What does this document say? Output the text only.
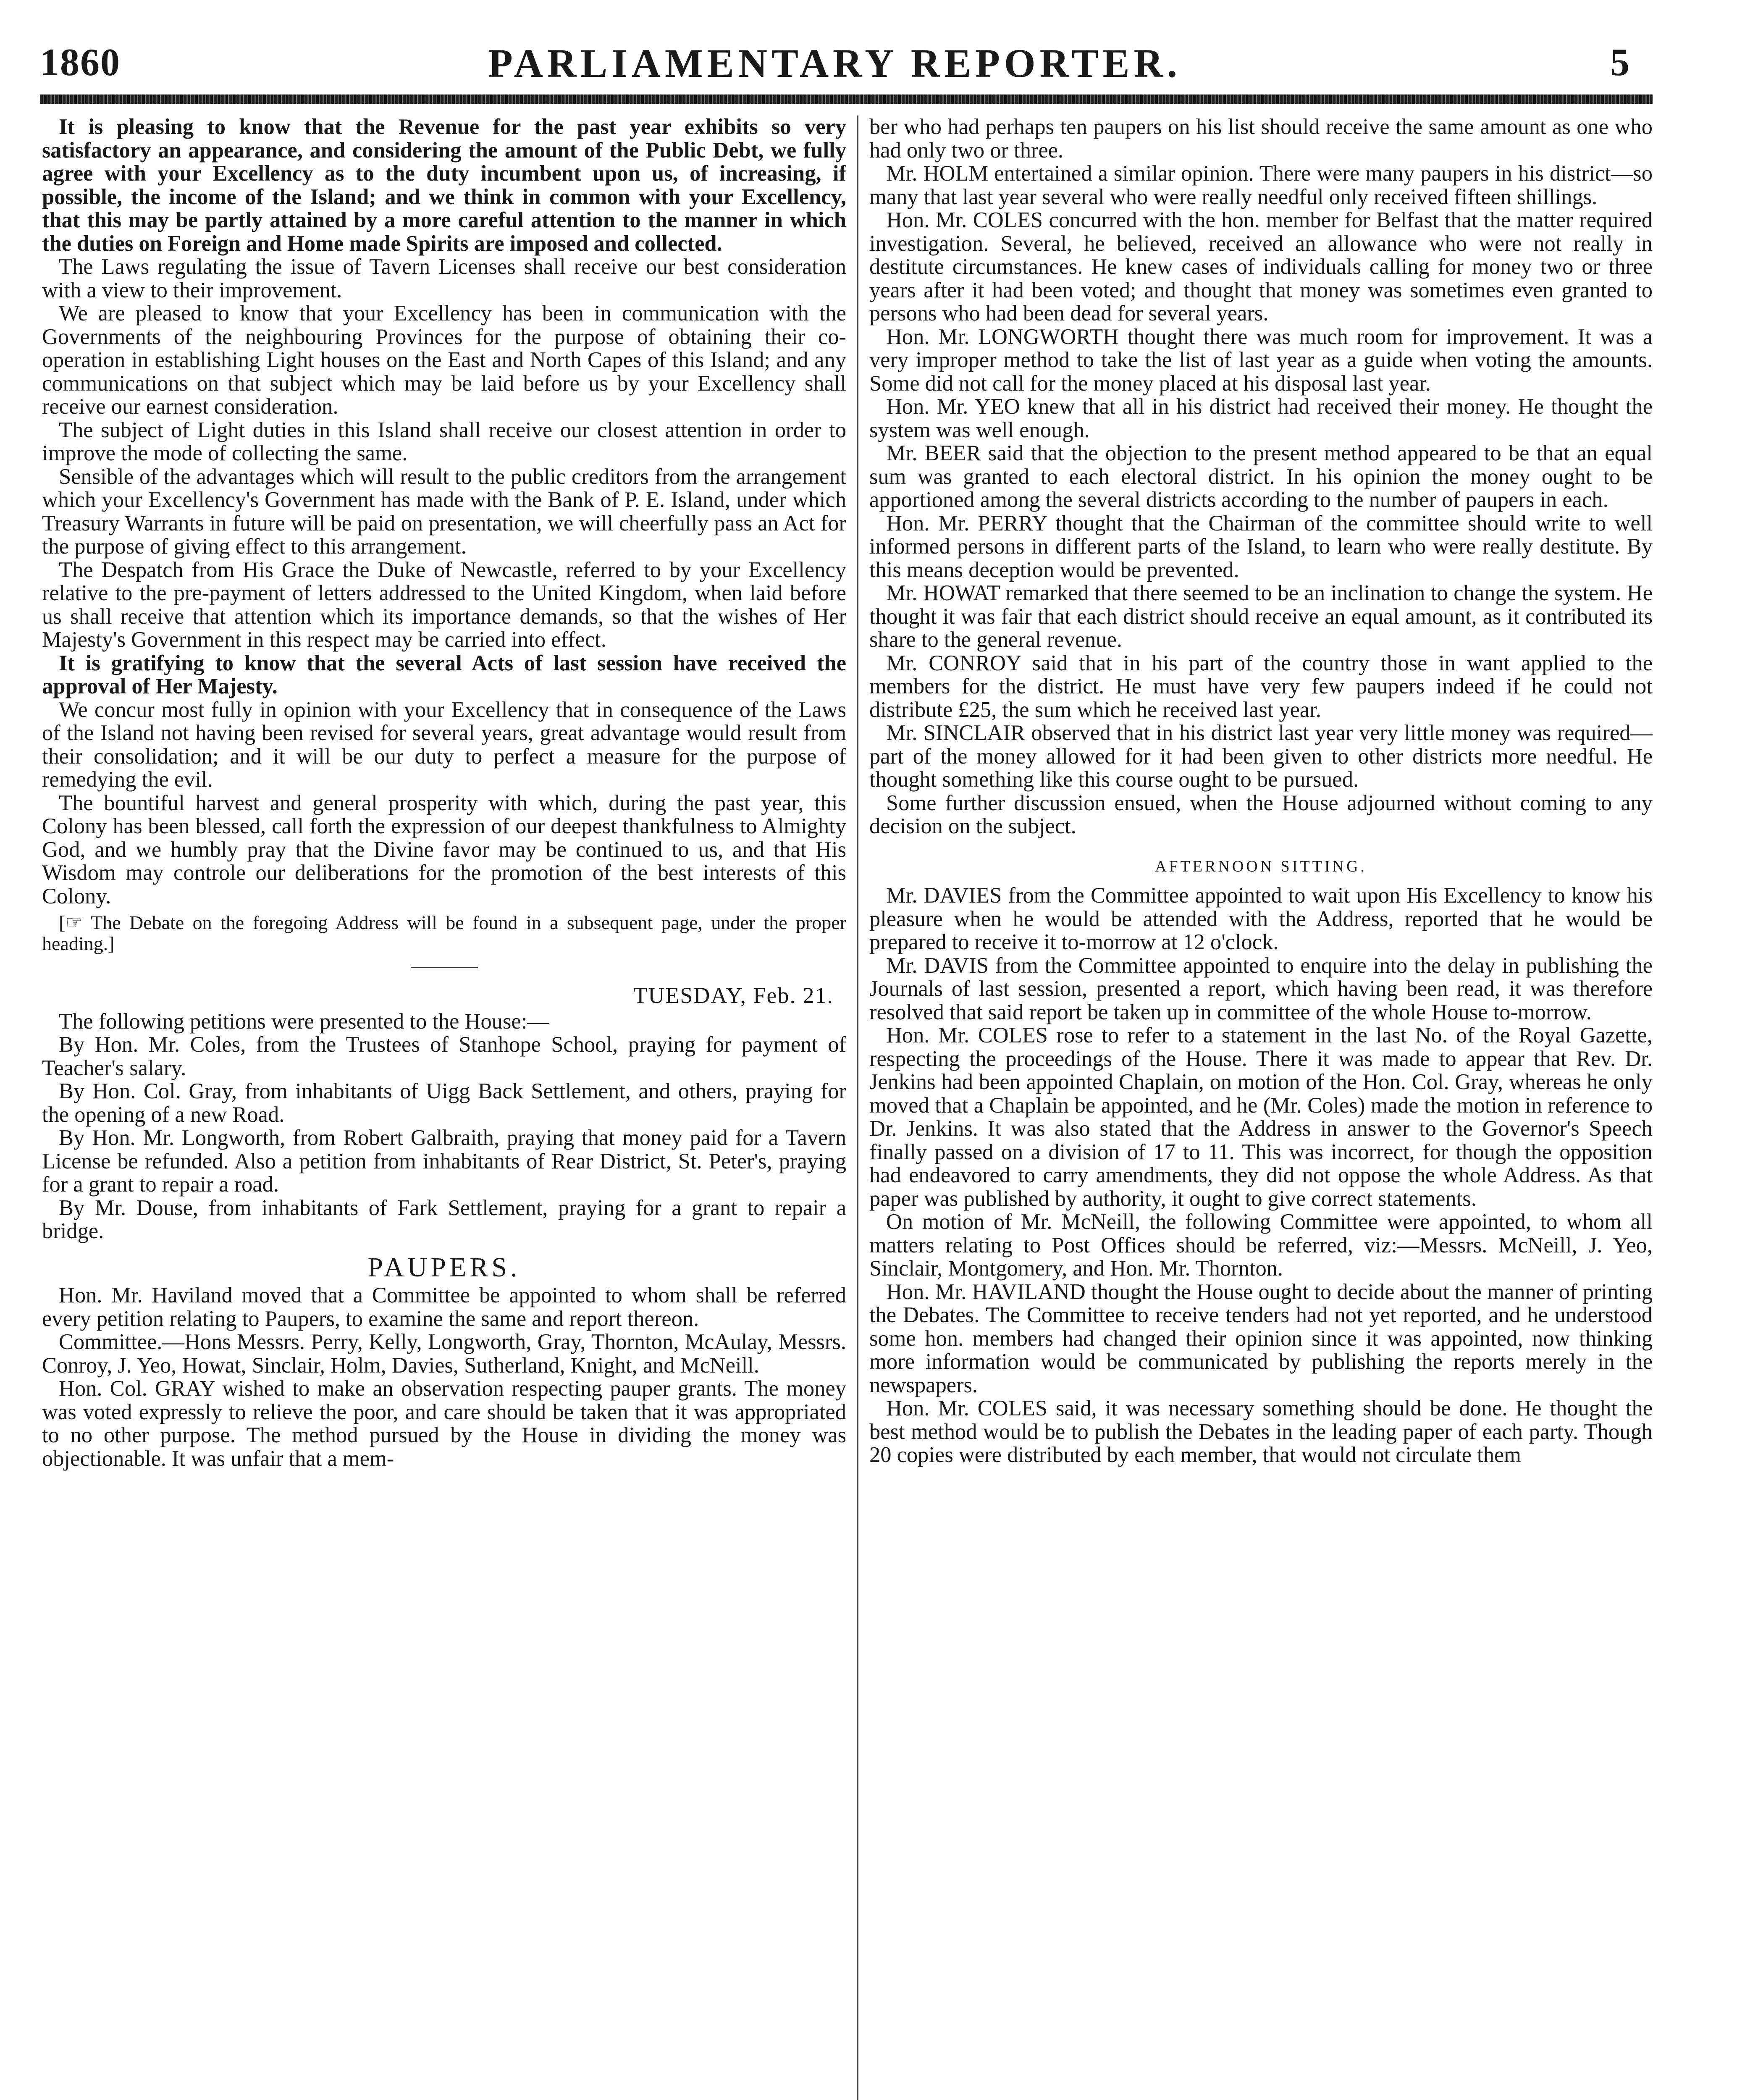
1860	PARLIAMENTARY REPORTER.	5

It is pleasing to know that the Revenue for the past year exhibits so very satisfactory an appearance, and considering the amount of the Public Debt, we fully agree with your Excellency as to the duty incumbent upon us, of increasing, if possible, the income of the Island; and we think in common with your Excellency, that this may be partly attained by a more careful attention to the manner in which the duties on Foreign and Home made Spirits are imposed and collected.

The Laws regulating the issue of Tavern Licenses shall receive our best consideration with a view to their improvement.

We are pleased to know that your Excellency has been in communication with the Governments of the neighbouring Provinces for the purpose of obtaining their co-operation in establishing Light houses on the East and North Capes of this Island; and any communications on that subject which may be laid before us by your Excellency shall receive our earnest consideration.

The subject of Light duties in this Island shall receive our closest attention in order to improve the mode of collecting the same.

Sensible of the advantages which will result to the public creditors from the arrangement which your Excellency's Government has made with the Bank of P. E. Island, under which Treasury Warrants in future will be paid on presentation, we will cheerfully pass an Act for the purpose of giving effect to this arrangement.

The Despatch from His Grace the Duke of Newcastle, referred to by your Excellency relative to the pre-payment of letters addressed to the United Kingdom, when laid before us shall receive that attention which its importance demands, so that the wishes of Her Majesty's Government in this respect may be carried into effect.

It is gratifying to know that the several Acts of last session have received the approval of Her Majesty.

We concur most fully in opinion with your Excellency that in consequence of the Laws of the Island not having been revised for several years, great advantage would result from their consolidation; and it will be our duty to perfect a measure for the purpose of remedying the evil.

The bountiful harvest and general prosperity with which, during the past year, this Colony has been blessed, call forth the expression of our deepest thankfulness to Almighty God, and we humbly pray that the Divine favor may be continued to us, and that His Wisdom may controle our deliberations for the promotion of the best interests of this Colony.

[☞ The Debate on the foregoing Address will be found in a subsequent page, under the proper heading.]

TUESDAY, Feb. 21.

The following petitions were presented to the House:—

By Hon. Mr. Coles, from the Trustees of Stanhope School, praying for payment of Teacher's salary.

By Hon. Col. Gray, from inhabitants of Uigg Back Settlement, and others, praying for the opening of a new Road.

By Hon. Mr. Longworth, from Robert Galbraith, praying that money paid for a Tavern License be refunded. Also a petition from inhabitants of Rear District, St. Peter's, praying for a grant to repair a road.

By Mr. Douse, from inhabitants of Fark Settlement, praying for a grant to repair a bridge.

PAUPERS.

Hon. Mr. Haviland moved that a Committee be appointed to whom shall be referred every petition relating to Paupers, to examine the same and report thereon.

Committee.—Hons Messrs. Perry, Kelly, Longworth, Gray, Thornton, McAulay, Messrs. Conroy, J. Yeo, Howat, Sinclair, Holm, Davies, Sutherland, Knight, and McNeill.

Hon. Col. GRAY wished to make an observation respecting pauper grants. The money was voted expressly to relieve the poor, and care should be taken that it was appropriated to no other purpose. The method pursued by the House in dividing the money was objectionable. It was unfair that a mem-

ber who had perhaps ten paupers on his list should receive the same amount as one who had only two or three.

Mr. HOLM entertained a similar opinion. There were many paupers in his district—so many that last year several who were really needful only received fifteen shillings.

Hon. Mr. COLES concurred with the hon. member for Belfast that the matter required investigation. Several, he believed, received an allowance who were not really in destitute circumstances. He knew cases of individuals calling for money two or three years after it had been voted; and thought that money was sometimes even granted to persons who had been dead for several years.

Hon. Mr. LONGWORTH thought there was much room for improvement. It was a very improper method to take the list of last year as a guide when voting the amounts. Some did not call for the money placed at his disposal last year.

Hon. Mr. YEO knew that all in his district had received their money. He thought the system was well enough.

Mr. BEER said that the objection to the present method appeared to be that an equal sum was granted to each electoral district. In his opinion the money ought to be apportioned among the several districts according to the number of paupers in each.

Hon. Mr. PERRY thought that the Chairman of the committee should write to well informed persons in different parts of the Island, to learn who were really destitute. By this means deception would be prevented.

Mr. HOWAT remarked that there seemed to be an inclination to change the system. He thought it was fair that each district should receive an equal amount, as it contributed its share to the general revenue.

Mr. CONROY said that in his part of the country those in want applied to the members for the district. He must have very few paupers indeed if he could not distribute £25, the sum which he received last year.

Mr. SINCLAIR observed that in his district last year very little money was required—part of the money allowed for it had been given to other districts more needful. He thought something like this course ought to be pursued.

Some further discussion ensued, when the House adjourned without coming to any decision on the subject.

AFTERNOON SITTING.

Mr. DAVIES from the Committee appointed to wait upon His Excellency to know his pleasure when he would be attended with the Address, reported that he would be prepared to receive it to-morrow at 12 o'clock.

Mr. DAVIS from the Committee appointed to enquire into the delay in publishing the Journals of last session, presented a report, which having been read, it was therefore resolved that said report be taken up in committee of the whole House to-morrow.

Hon. Mr. COLES rose to refer to a statement in the last No. of the Royal Gazette, respecting the proceedings of the House. There it was made to appear that Rev. Dr. Jenkins had been appointed Chaplain, on motion of the Hon. Col. Gray, whereas he only moved that a Chaplain be appointed, and he (Mr. Coles) made the motion in reference to Dr. Jenkins. It was also stated that the Address in answer to the Governor's Speech finally passed on a division of 17 to 11. This was incorrect, for though the opposition had endeavored to carry amendments, they did not oppose the whole Address. As that paper was published by authority, it ought to give correct statements.

On motion of Mr. McNeill, the following Committee were appointed, to whom all matters relating to Post Offices should be referred, viz:—Messrs. McNeill, J. Yeo, Sinclair, Montgomery, and Hon. Mr. Thornton.

Hon. Mr. HAVILAND thought the House ought to decide about the manner of printing the Debates. The Committee to receive tenders had not yet reported, and he understood some hon. members had changed their opinion since it was appointed, now thinking more information would be communicated by publishing the reports merely in the newspapers.

Hon. Mr. COLES said, it was necessary something should be done. He thought the best method would be to publish the Debates in the leading paper of each party. Though 20 copies were distributed by each member, that would not circulate them
